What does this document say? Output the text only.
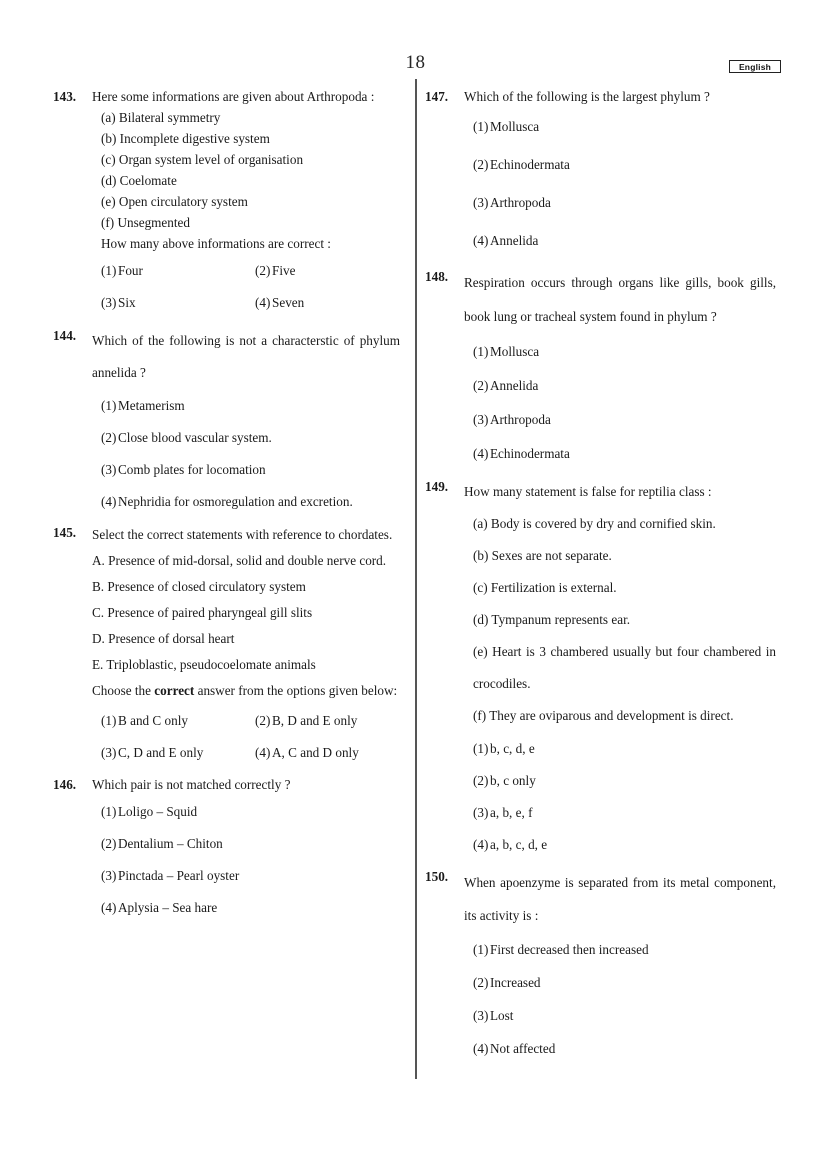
18	English
143.	Here some informations are given about Arthropoda :

(a) Bilateral symmetry

(b) Incomplete digestive system

(c) Organ system level of organisation

(d) Coelomate

(e) Open circulatory system

(f) Unsegmented

How many above informations are correct :

(1) Four	(2) Five
(3) Six	(4) Seven
144.	Which of the following is not a characterstic of phylum annelida ?

(1) Metamerism
(2) Close blood vascular system.
(3) Comb plates for locomation
(4) Nephridia for osmoregulation and excretion.
145.	Select the correct statements with reference to chordates.

A. Presence of mid-dorsal, solid and double nerve cord.

B. Presence of closed circulatory system

C. Presence of paired pharyngeal gill slits

D. Presence of dorsal heart

E. Triploblastic, pseudocoelomate animals

Choose the correct answer from the options given below:

(1) B and C only	(2) B, D and E only
(3) C, D and E only	(4) A, C and D only
146.	Which pair is not matched correctly ?

(1) Loligo – Squid
(2) Dentalium – Chiton
(3) Pinctada – Pearl oyster
(4) Aplysia – Sea hare
147.	Which of the following is the largest phylum ?

(1) Mollusca
(2) Echinodermata
(3) Arthropoda
(4) Annelida
148.	Respiration occurs through organs like gills, book gills, book lung or tracheal system found in phylum ?

(1) Mollusca
(2) Annelida
(3) Arthropoda
(4) Echinodermata
149.	How many statement is false for reptilia class :

(a) Body is covered by dry and cornified skin.

(b) Sexes are not separate.

(c) Fertilization is external.

(d) Tympanum represents ear.

(e) Heart is 3 chambered usually but four chambered in crocodiles.

(f) They are oviparous and development is direct.

(1) b, c, d, e
(2) b, c only
(3) a, b, e, f
(4) a, b, c, d, e
150.	When apoenzyme is separated from its metal component, its activity is :

(1) First decreased then increased
(2) Increased
(3) Lost
(4) Not affected
